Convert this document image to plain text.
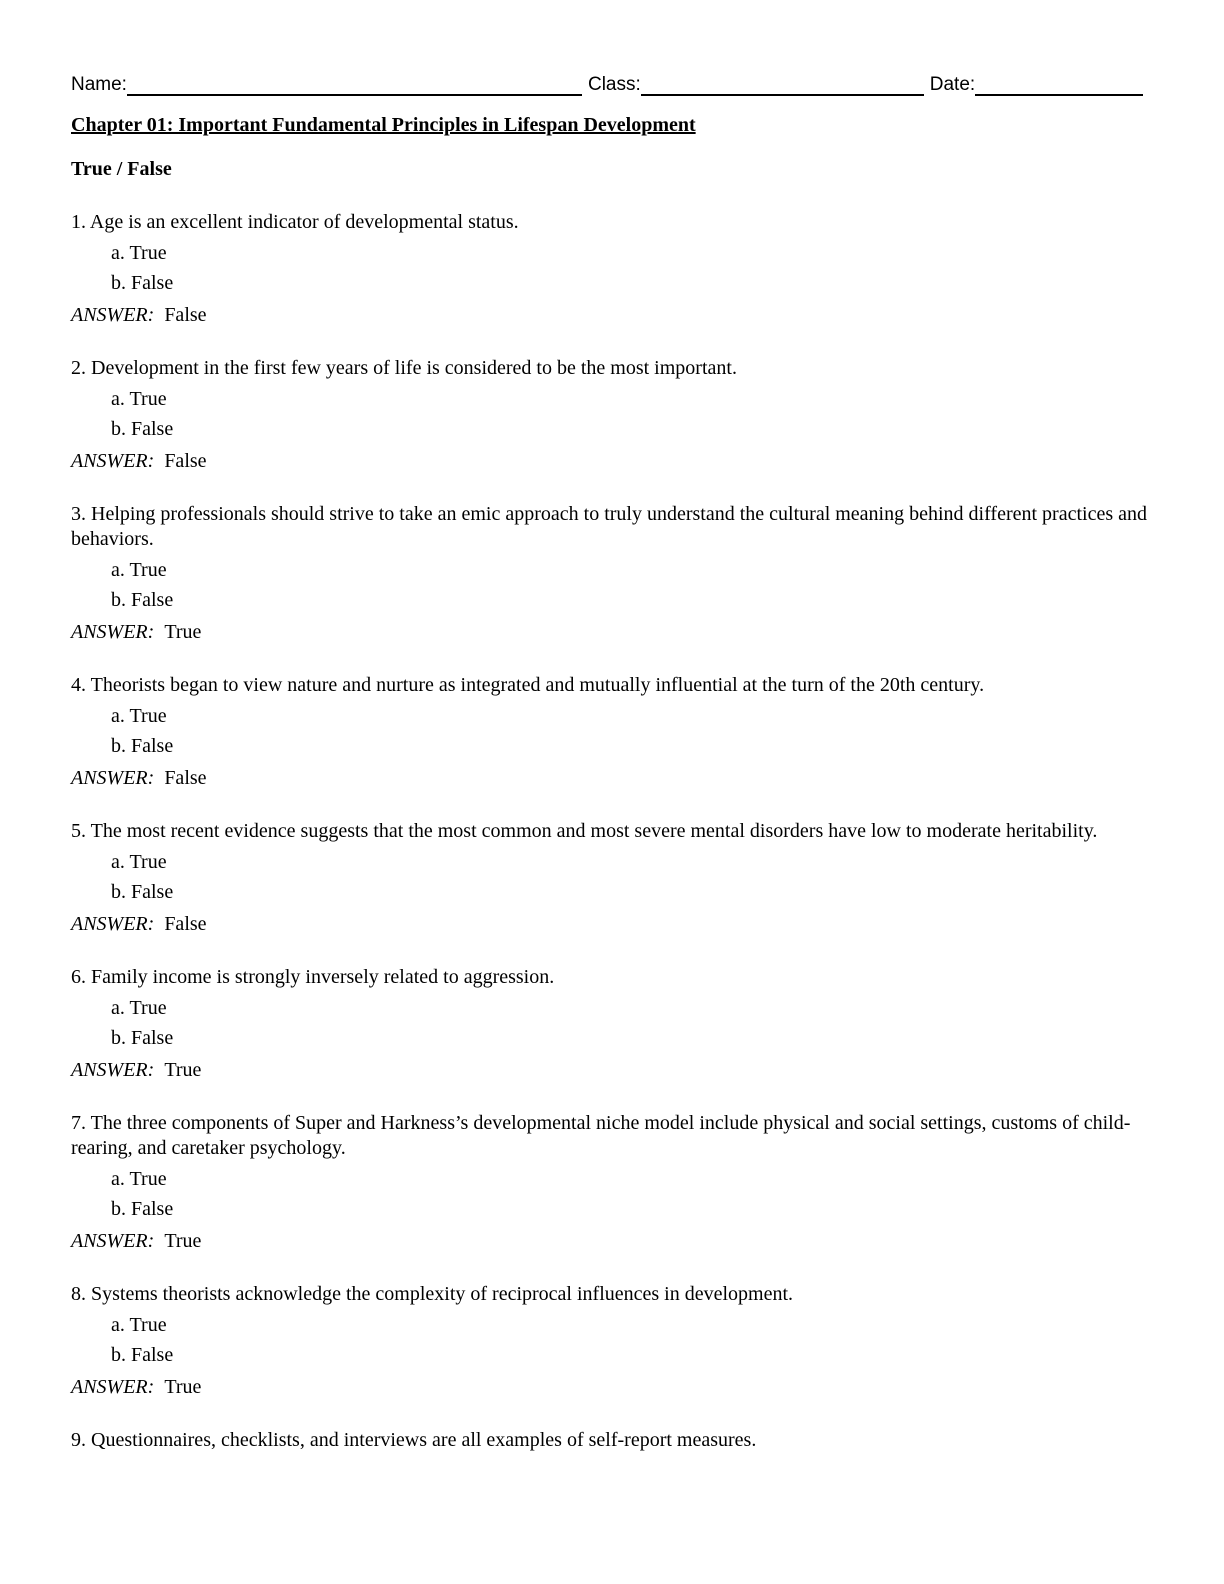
Name:	Class:	Date:
Chapter 01: Important Fundamental Principles in Lifespan Development
True / False
1. Age is an excellent indicator of developmental status.
a. True
b. False
ANSWER: False
2. Development in the first few years of life is considered to be the most important.
a. True
b. False
ANSWER: False
3. Helping professionals should strive to take an emic approach to truly understand the cultural meaning behind different practices and behaviors.
a. True
b. False
ANSWER: True
4. Theorists began to view nature and nurture as integrated and mutually influential at the turn of the 20th century.
a. True
b. False
ANSWER: False
5. The most recent evidence suggests that the most common and most severe mental disorders have low to moderate heritability.
a. True
b. False
ANSWER: False
6. Family income is strongly inversely related to aggression.
a. True
b. False
ANSWER: True
7. The three components of Super and Harkness’s developmental niche model include physical and social settings, customs of child-rearing, and caretaker psychology.
a. True
b. False
ANSWER: True
8. Systems theorists acknowledge the complexity of reciprocal influences in development.
a. True
b. False
ANSWER: True
9. Questionnaires, checklists, and interviews are all examples of self-report measures.
